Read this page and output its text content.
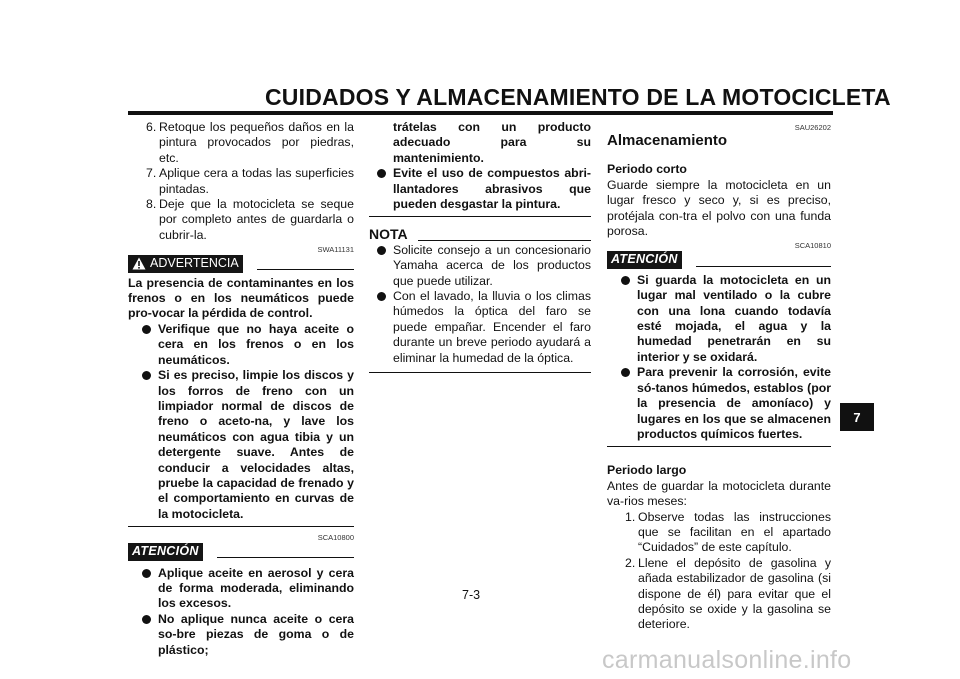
CUIDADOS Y ALMACENAMIENTO DE LA MOTOCICLETA
6. Retoque los pequeños daños en la pintura provocados por piedras, etc.
7. Aplique cera a todas las superficies pintadas.
8. Deje que la motocicleta se seque por completo antes de guardarla o cubrir-la.
SWA11131
ADVERTENCIA
La presencia de contaminantes en los frenos o en los neumáticos puede pro-vocar la pérdida de control.
Verifique que no haya aceite o cera en los frenos o en los neumáticos.
Si es preciso, limpie los discos y los forros de freno con un limpiador normal de discos de freno o aceto-na, y lave los neumáticos con agua tibia y un detergente suave. Antes de conducir a velocidades altas, pruebe la capacidad de frenado y el comportamiento en curvas de la motocicleta.
SCA10800
ATENCIÓN
Aplique aceite en aerosol y cera de forma moderada, eliminando los excesos.
No aplique nunca aceite o cera so-bre piezas de goma o de plástico;
trátelas con un producto adecuado para su mantenimiento.
Evite el uso de compuestos abri-llantadores abrasivos que pueden desgastar la pintura.
NOTA
Solicite consejo a un concesionario Yamaha acerca de los productos que puede utilizar.
Con el lavado, la lluvia o los climas húmedos la óptica del faro se puede empañar. Encender el faro durante un breve periodo ayudará a eliminar la humedad de la óptica.
SAU26202
Almacenamiento
Periodo corto
Guarde siempre la motocicleta en un lugar fresco y seco y, si es preciso, protéjala con-tra el polvo con una funda porosa.
SCA10810
ATENCIÓN
Si guarda la motocicleta en un lugar mal ventilado o la cubre con una lona cuando todavía esté mojada, el agua y la humedad penetrarán en su interior y se oxidará.
Para prevenir la corrosión, evite só-tanos húmedos, establos (por la presencia de amoníaco) y lugares en los que se almacenen productos químicos fuertes.
Periodo largo
Antes de guardar la motocicleta durante va-rios meses:
1. Observe todas las instrucciones que se facilitan en el apartado “Cuidados” de este capítulo.
2. Llene el depósito de gasolina y añada estabilizador de gasolina (si dispone de él) para evitar que el depósito se oxide y la gasolina se deteriore.
7
7-3
carmanualsonline.info
